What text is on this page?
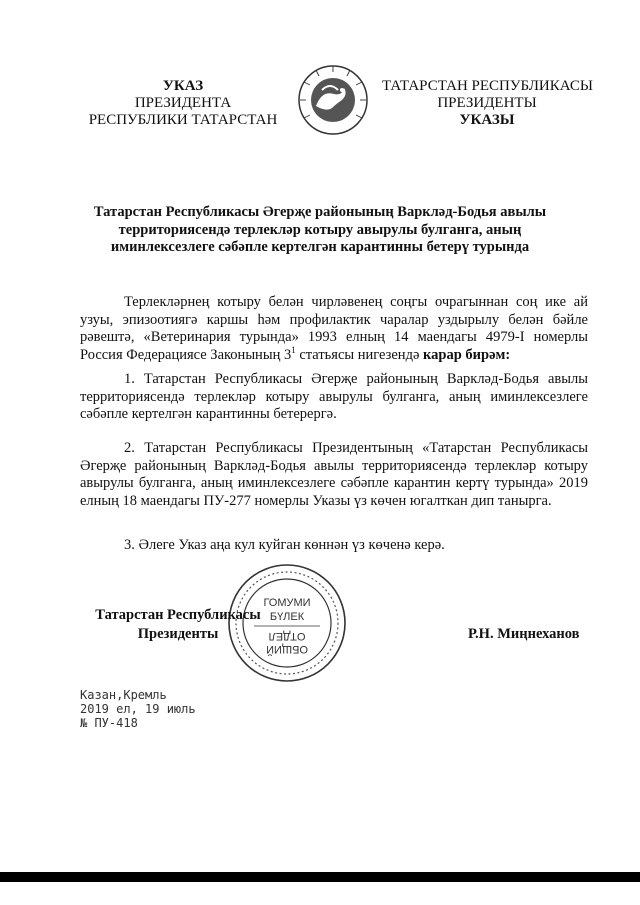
УКАЗ
ПРЕЗИДЕНТА
РЕСПУБЛИКИ ТАТАРСТАН
ТАТАРСТАН РЕСПУБЛИКАСЫ
ПРЕЗИДЕНТЫ
УКАЗЫ
Татарстан Республикасы Әгерҗе районының Варкләд-Бодья авылы территориясендә терлекләр котыру авырулы булганга, аның иминлексезлеге сәбәпле кертелгән карантинны бетерү турында
Терлекләрнең котыру белән чирләвенең соңгы очрагыннан соң ике ай узуы, эпизоотиягә каршы һәм профилактик чаралар уздырылу белән бәйле рәвештә, «Ветеринария турында» 1993 елның 14 маендагы 4979-I номерлы Россия Федерациясе Законының $3^1$ статьясы нигезендә карар бирәм:
1. Татарстан Республикасы Әгерҗе районының Варкләд-Бодья авылы территориясендә терлекләр котыру авырулы булганга, аның иминлексезлеге сәбәпле кертелгән карантинны бетерергә.
2. Татарстан Республикасы Президентының «Татарстан Республикасы Әгерҗе районының Варкләд-Бодья авылы территориясендә терлекләр котыру авырулы булганга, аның иминлексезлеге сәбәпле карантин кертү турында» 2019 елның 18 маендагы ПУ-277 номерлы Указы үз көчен югалткан дип танырга.
3. Әлеге Указ аңа кул куйган көннән үз көченә керә.
ГОМУМИ
БҮЛЕК
ОБЩИЙ
ОТДЕЛ
Татарстан Республикасы
Президенты	Р.Н. Миңнеханов
Казан,Кремль
2019 ел, 19 июль
№ ПУ-418
